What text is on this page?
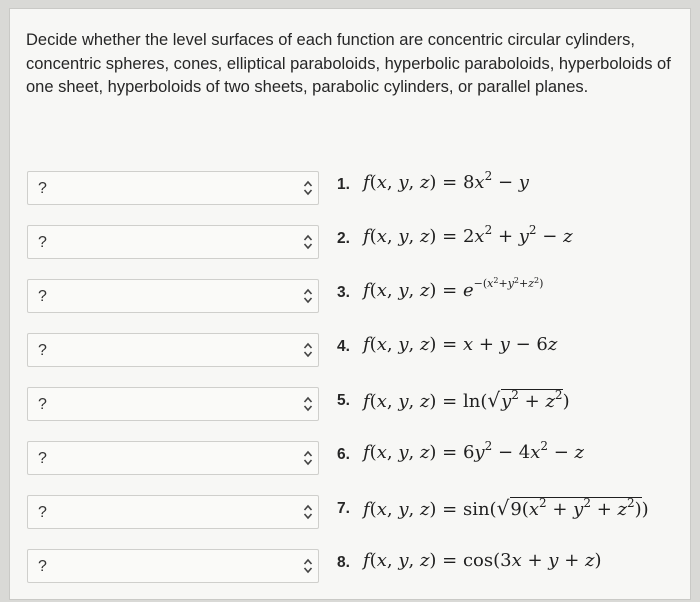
Decide whether the level surfaces of each function are concentric circular cylinders, concentric spheres, cones, elliptical paraboloids, hyperbolic paraboloids, hyperboloids of one sheet, hyperboloids of two sheets, parabolic cylinders, or parallel planes.
?	1. f(x, y, $z) = 8x^2 - y$
?	2. f(x, y, $z) = 2x^2 + y^2 - z$
?	3. f(x, y, $z) = e^{-(x^2+y^2+z^2)}$
?	4. f(x, y, z) = x + y − 6z
?	5. f(x, y, $z) = \ln(√y^2 + z^2)$
?	6. f(x, y, $z) = 6y^2 - 4x^2 - z$
?	7. f(x, y, $z) = \sin(√9(x^2 + y^2 + z^2))$
?	8. f(x, y, z) = cos(3x + y + z)
